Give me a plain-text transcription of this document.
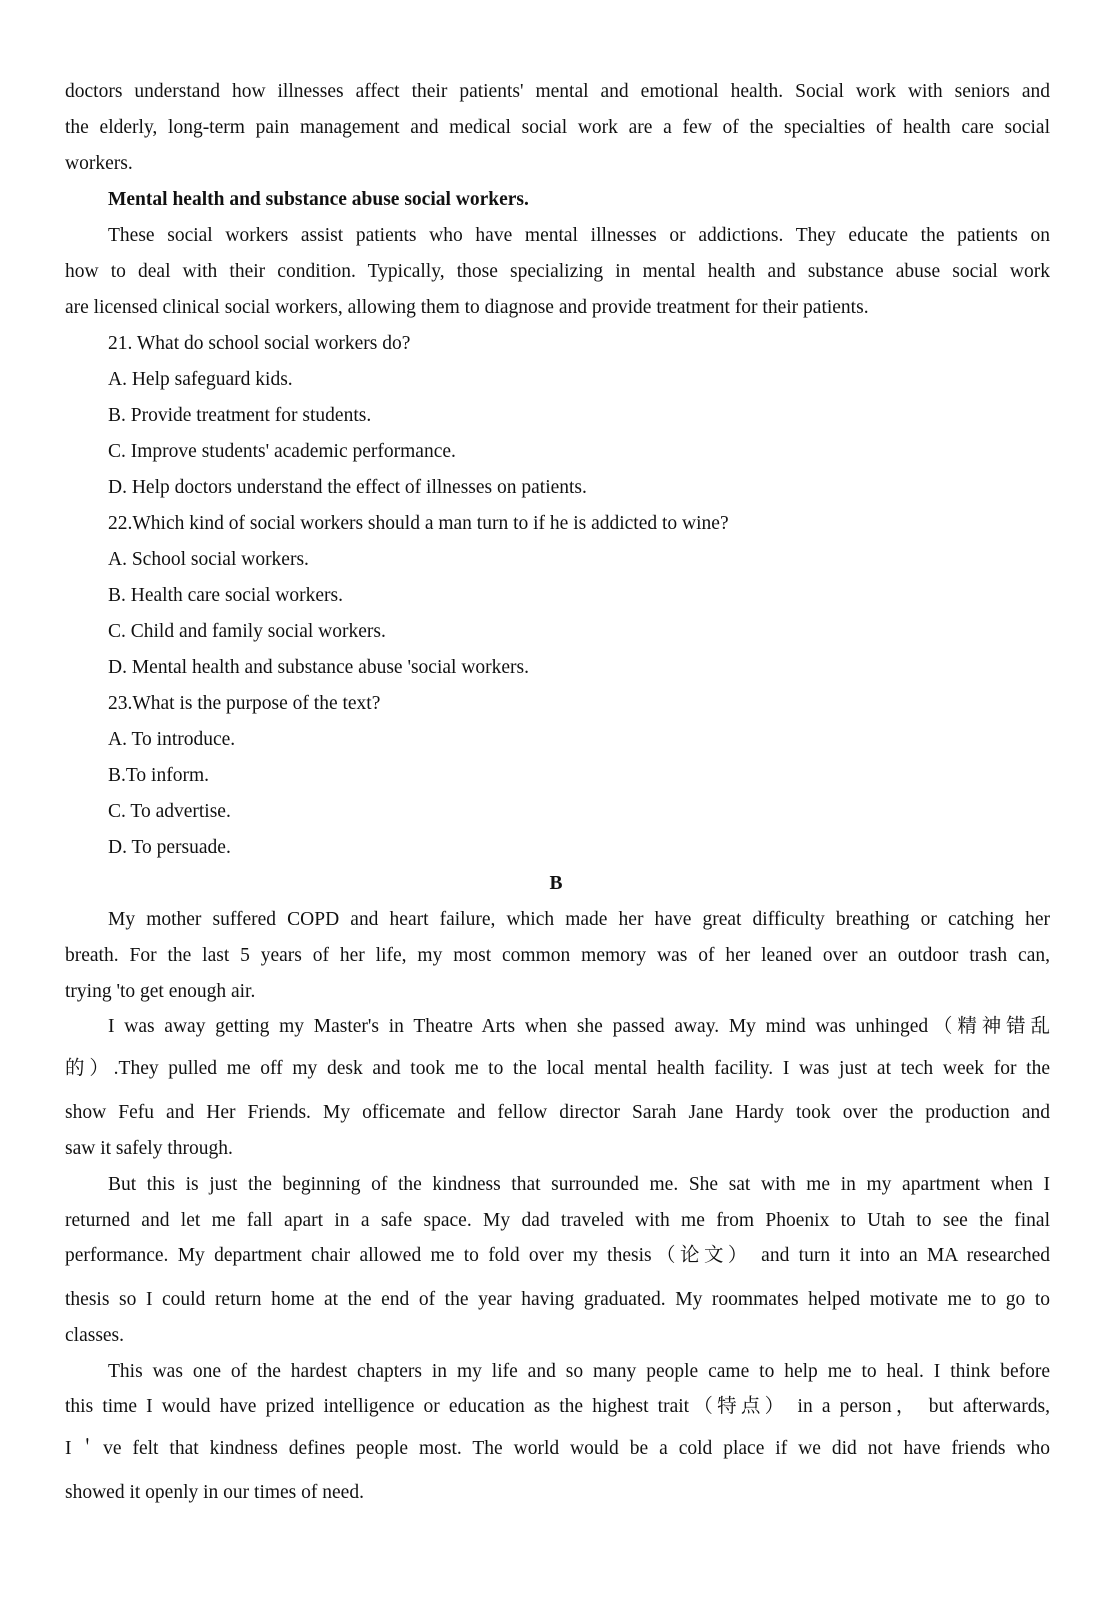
doctors understand how illnesses affect their patients' mental and emotional health. Social work with seniors and

the elderly, long-term pain management and medical social work are a few of the specialties of health care social

workers.

Mental health and substance abuse social workers.

These social workers assist patients who have mental illnesses or addictions. They educate the patients on

how to deal with their condition. Typically, those specializing in mental health and substance abuse social work

are licensed clinical social workers, allowing them to diagnose and provide treatment for their patients.

21. What do school social workers do?

A. Help safeguard kids.

B. Provide treatment for students.

C. Improve students' academic performance.

D. Help doctors understand the effect of illnesses on patients.

22.Which kind of social workers should a man turn to if he is addicted to wine?

A. School social workers.

B. Health care social workers.

C. Child and family social workers.

D. Mental health and substance abuse 'social workers.

23.What is the purpose of the text?

A. To introduce.

B.To inform.

C. To advertise.

D. To persuade.

B

My mother suffered COPD and heart failure, which made her have great difficulty breathing or catching her

breath. For the last 5 years of her life, my most common memory was of her leaned over an outdoor trash can,

trying 'to get enough air.

I was away getting my Master's in Theatre Arts when she passed away. My mind was unhinged（精神错乱

的）.They pulled me off my desk and took me to the local mental health facility. I was just at tech week for the

show Fefu and Her Friends. My officemate and fellow director Sarah Jane Hardy took over the production and

saw it safely through.

But this is just the beginning of the kindness that surrounded me. She sat with me in my apartment when I

returned and let me fall apart in a safe space. My dad traveled with me from Phoenix to Utah to see the final

performance. My department chair allowed me to fold over my thesis（论文） and turn it into an MA researched

thesis so I could return home at the end of the year having graduated. My roommates helped motivate me to go to

classes.

This was one of the hardest chapters in my life and so many people came to help me to heal. I think before

this time I would have prized intelligence or education as the highest trait（特点） in a person， but afterwards,

I＇ve felt that kindness defines people most. The world would be a cold place if we did not have friends who

showed it openly in our times of need.
